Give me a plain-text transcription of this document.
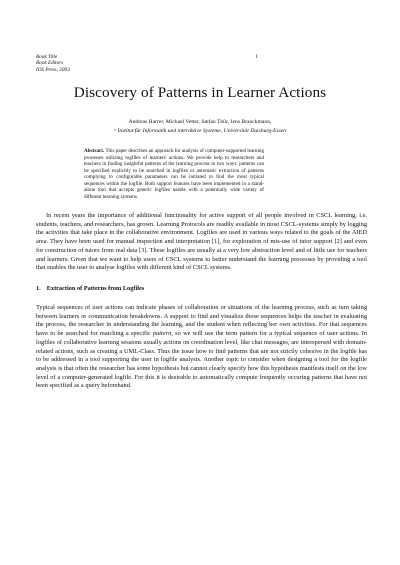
Book Title
Book Editors
IOS Press, 2003
1
Discovery of Patterns in Learner Actions
Andreas Harrer, Michael Vetter, Stefan Thür, Jens Brauckmann,
ᵃ Institut für Informatik und interaktive Systeme, Universität Duisburg-Essen
Abstract. This paper describes an approach for analysis of computer-supported learning processes utilizing logfiles of learners' actions. We provide help to researchers and teachers in finding insightful patterns of the learning process in two ways: patterns can be specified explicitly to be searched in logfiles or automatic extraction of patterns complying to configurable parameters can be initiated to find the most typical sequences within the logfile. Both support features have been implemented in a stand-alone tool that accepts generic logfiles usable with a potentially wide variety of different learning systems.

In recent years the importance of additional functionality for active support of all people involved in CSCL learning, i.e. students, teachers, and researchers, has grown. Learning Protocols are readily available in most CSCL-systems simply by logging the activities that take place in the collaborative environment. Logfiles are used in various ways related to the goals of the AIED area. They have been used for manual inspection and interpretation [1], for exploration of mis-use of tutor support [2] and even for construction of tutors from real data [3]. These logfiles are usually at a very low abstraction level and of little use for teachers and learners. Given that we want to help users of CSCL systems to better understand the learning processes by providing a tool that enables the user to analyse logfiles with different kind of CSCL systems.

1. Extraction of Patterns from Logfiles

Typical sequences of user actions can indicate phases of collaboration or situations of the learning process, such as turn taking between learners or communication breakdowns. A support to find and visualize those sequences helps the teacher in evaluating the process, the researcher in understanding the learning, and the student when reflecting her own activities. For that sequences have to be searched for matching a specific pattern, so we will use the term pattern for a typical sequence of user actions. In logfiles of collaborative learning sessions usually actions on coordination level, like chat messages, are interspersed with domain-related actions, such as creating a UML-Class. Thus the issue how to find patterns that are not strictly cohesive in the logfile has to be addressed in a tool supporting the user in logfile analysis. Another topic to consider when designing a tool for the logfile analysis is that often the researcher has some hypothesis but cannot clearly specify how this hypothesis manifests itself on the low level of a computer-generated logfile. For this it is desirable to automatically compute frequently occuring patterns that have not been specified as a query beforehand.
